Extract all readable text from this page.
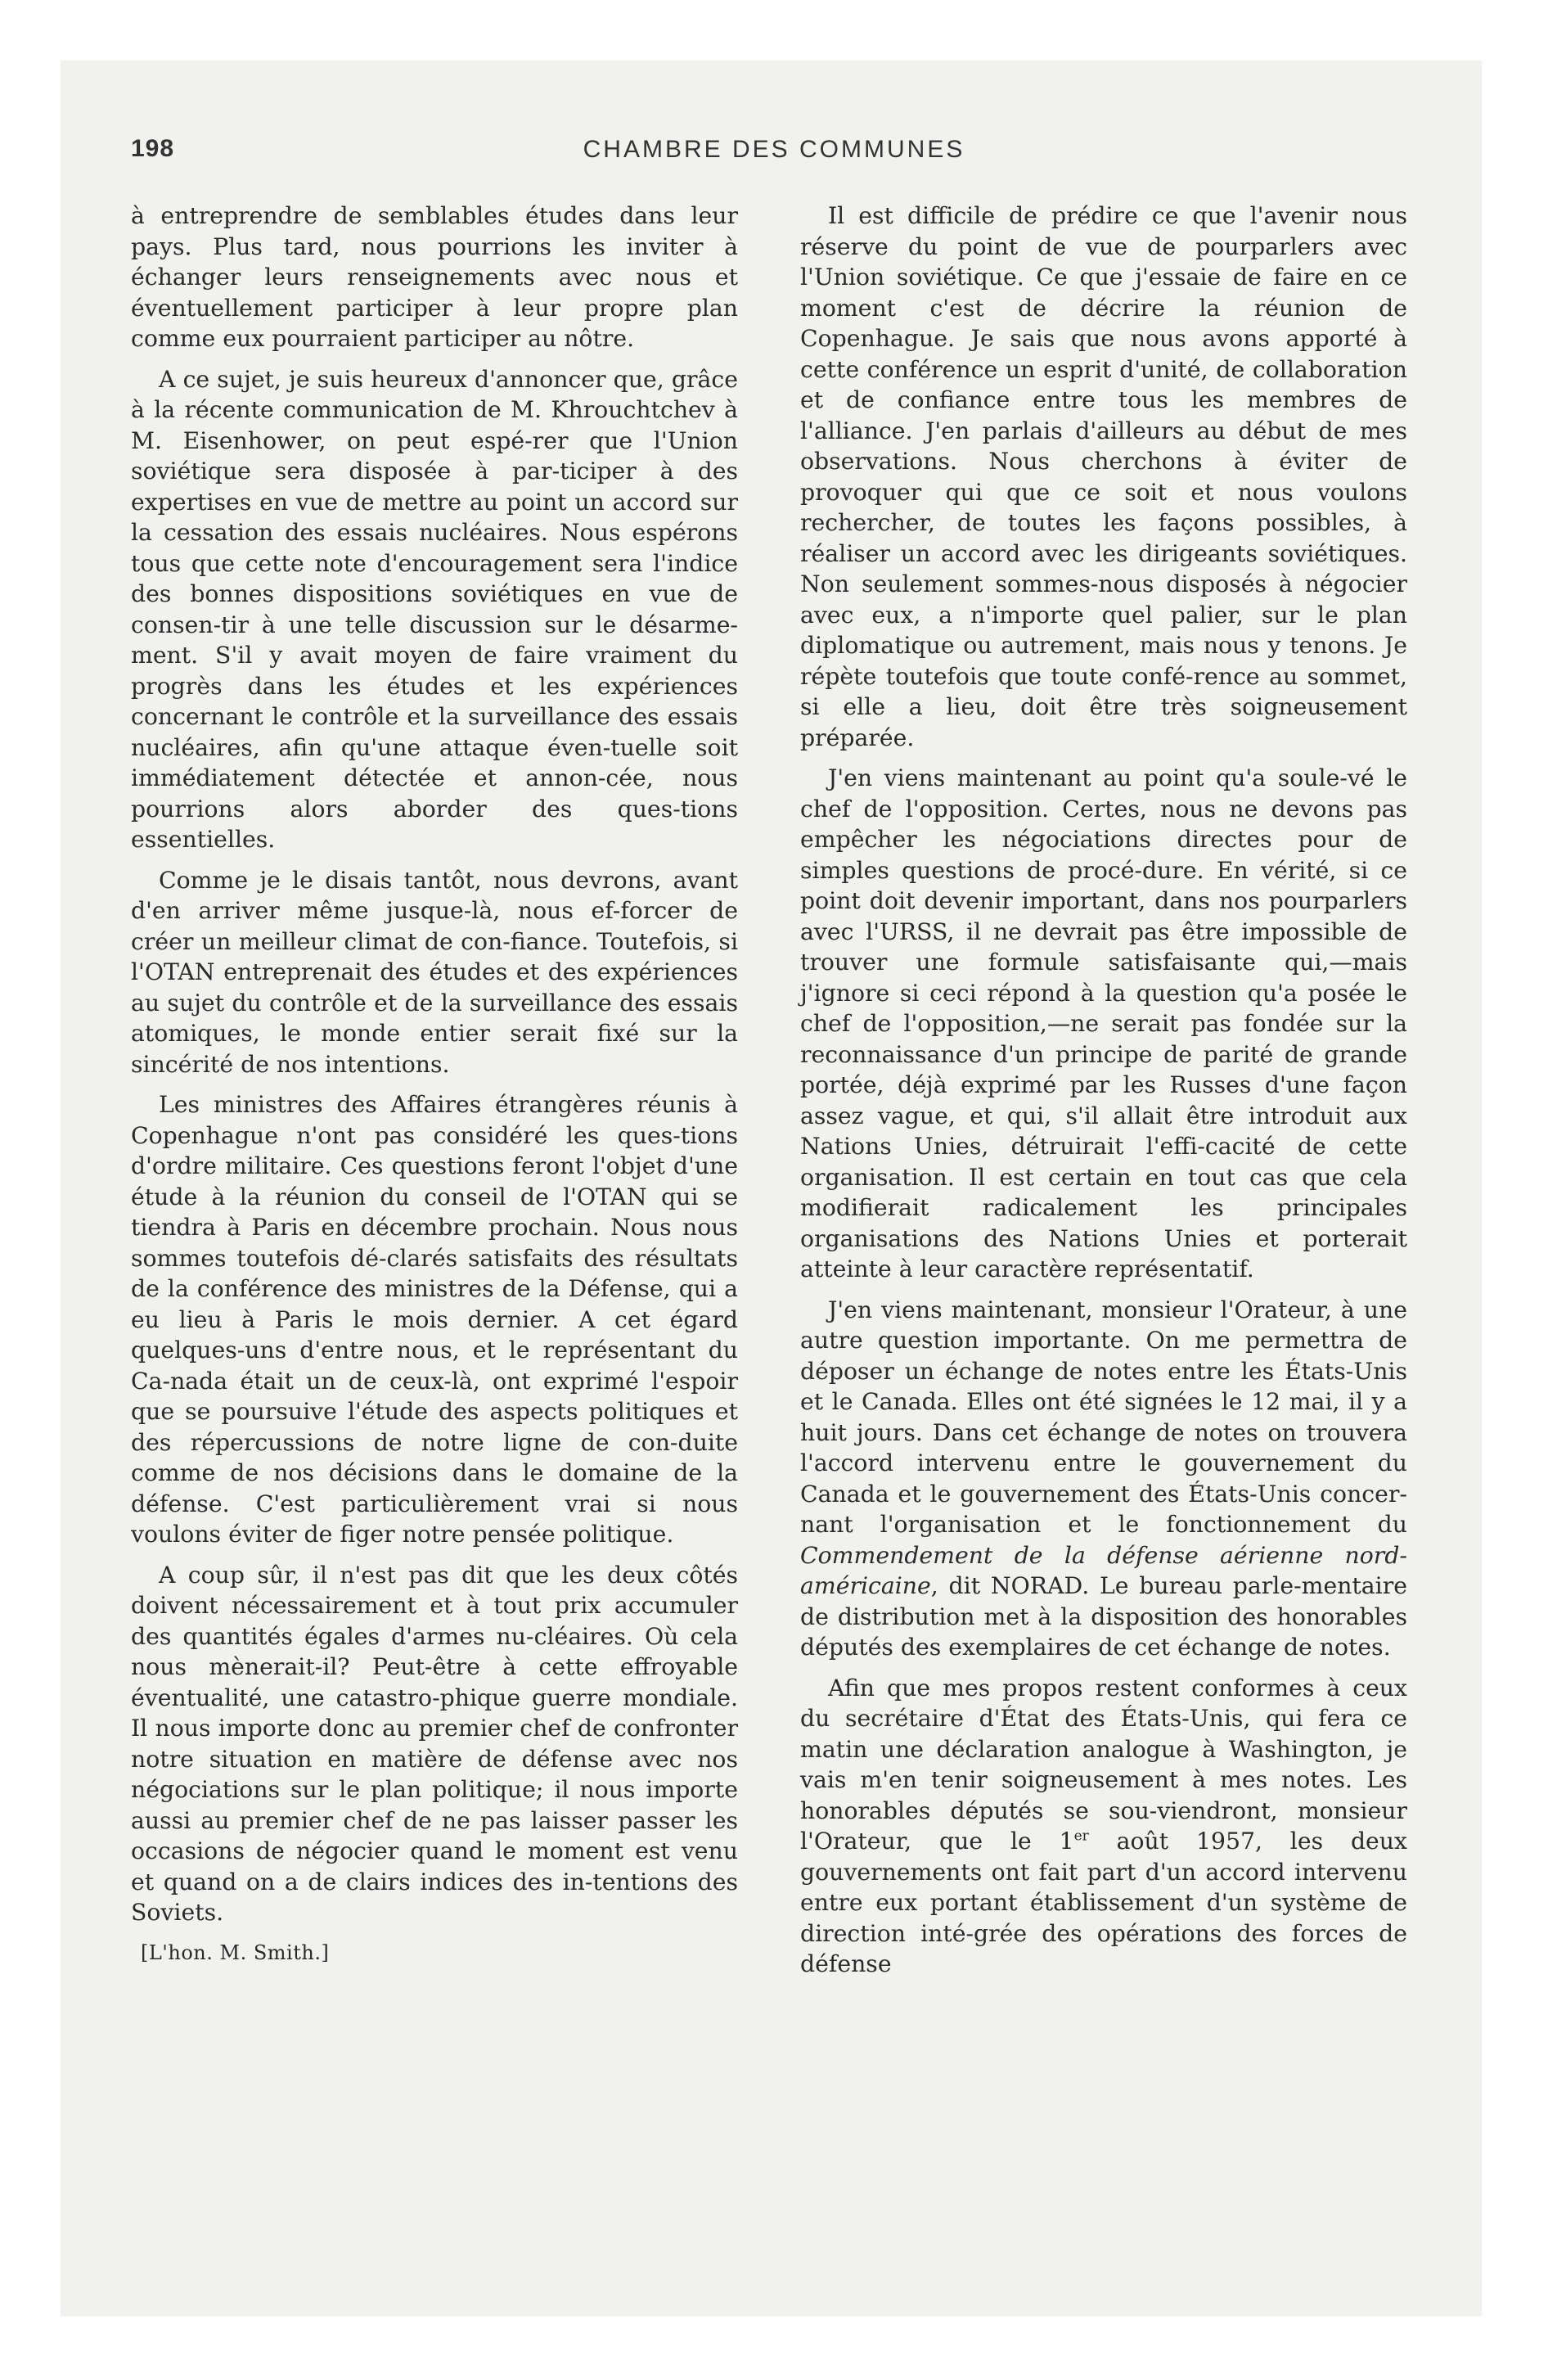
198	CHAMBRE DES COMMUNES

à entreprendre de semblables études dans leur pays. Plus tard, nous pourrions les inviter à échanger leurs renseignements avec nous et éventuellement participer à leur propre plan comme eux pourraient participer au nôtre.

A ce sujet, je suis heureux d'annoncer que, grâce à la récente communication de M. Khrouchtchev à M. Eisenhower, on peut espé-rer que l'Union soviétique sera disposée à par-ticiper à des expertises en vue de mettre au point un accord sur la cessation des essais nucléaires. Nous espérons tous que cette note d'encouragement sera l'indice des bonnes dispositions soviétiques en vue de consen-tir à une telle discussion sur le désarme-ment. S'il y avait moyen de faire vraiment du progrès dans les études et les expériences concernant le contrôle et la surveillance des essais nucléaires, afin qu'une attaque éven-tuelle soit immédiatement détectée et annon-cée, nous pourrions alors aborder des ques-tions essentielles.

Comme je le disais tantôt, nous devrons, avant d'en arriver même jusque-là, nous ef-forcer de créer un meilleur climat de con-fiance. Toutefois, si l'OTAN entreprenait des études et des expériences au sujet du contrôle et de la surveillance des essais atomiques, le monde entier serait fixé sur la sincérité de nos intentions.

Les ministres des Affaires étrangères réunis à Copenhague n'ont pas considéré les ques-tions d'ordre militaire. Ces questions feront l'objet d'une étude à la réunion du conseil de l'OTAN qui se tiendra à Paris en décembre prochain. Nous nous sommes toutefois dé-clarés satisfaits des résultats de la conférence des ministres de la Défense, qui a eu lieu à Paris le mois dernier. A cet égard quelques-uns d'entre nous, et le représentant du Ca-nada était un de ceux-là, ont exprimé l'espoir que se poursuive l'étude des aspects politiques et des répercussions de notre ligne de con-duite comme de nos décisions dans le domaine de la défense. C'est particulièrement vrai si nous voulons éviter de figer notre pensée politique.

A coup sûr, il n'est pas dit que les deux côtés doivent nécessairement et à tout prix accumuler des quantités égales d'armes nu-cléaires. Où cela nous mènerait-il? Peut-être à cette effroyable éventualité, une catastro-phique guerre mondiale. Il nous importe donc au premier chef de confronter notre situation en matière de défense avec nos négociations sur le plan politique; il nous importe aussi au premier chef de ne pas laisser passer les occasions de négocier quand le moment est venu et quand on a de clairs indices des in-tentions des Soviets.

[L'hon. M. Smith.]

Il est difficile de prédire ce que l'avenir nous réserve du point de vue de pourparlers avec l'Union soviétique. Ce que j'essaie de faire en ce moment c'est de décrire la réunion de Copenhague. Je sais que nous avons apporté à cette conférence un esprit d'unité, de collaboration et de confiance entre tous les membres de l'alliance. J'en parlais d'ailleurs au début de mes observations. Nous cherchons à éviter de provoquer qui que ce soit et nous voulons rechercher, de toutes les façons possibles, à réaliser un accord avec les dirigeants soviétiques. Non seulement sommes-nous disposés à négocier avec eux, a n'importe quel palier, sur le plan diplomatique ou autrement, mais nous y tenons. Je répète toutefois que toute confé-rence au sommet, si elle a lieu, doit être très soigneusement préparée.

J'en viens maintenant au point qu'a soule-vé le chef de l'opposition. Certes, nous ne devons pas empêcher les négociations directes pour de simples questions de procé-dure. En vérité, si ce point doit devenir important, dans nos pourparlers avec l'URSS, il ne devrait pas être impossible de trouver une formule satisfaisante qui,—mais j'ignore si ceci répond à la question qu'a posée le chef de l'opposition,—ne serait pas fondée sur la reconnaissance d'un principe de parité de grande portée, déjà exprimé par les Russes d'une façon assez vague, et qui, s'il allait être introduit aux Nations Unies, détruirait l'effi-cacité de cette organisation. Il est certain en tout cas que cela modifierait radicalement les principales organisations des Nations Unies et porterait atteinte à leur caractère représentatif.

J'en viens maintenant, monsieur l'Orateur, à une autre question importante. On me permettra de déposer un échange de notes entre les États-Unis et le Canada. Elles ont été signées le 12 mai, il y a huit jours. Dans cet échange de notes on trouvera l'accord intervenu entre le gouvernement du Canada et le gouvernement des États-Unis concer-nant l'organisation et le fonctionnement du Commendement de la défense aérienne nord-américaine, dit NORAD. Le bureau parle-mentaire de distribution met à la disposition des honorables députés des exemplaires de cet échange de notes.

Afin que mes propos restent conformes à ceux du secrétaire d'État des États-Unis, qui fera ce matin une déclaration analogue à Washington, je vais m'en tenir soigneusement à mes notes. Les honorables députés se sou-viendront, monsieur l'Orateur, que le 1er août 1957, les deux gouvernements ont fait part d'un accord intervenu entre eux portant établissement d'un système de direction inté-grée des opérations des forces de défense
